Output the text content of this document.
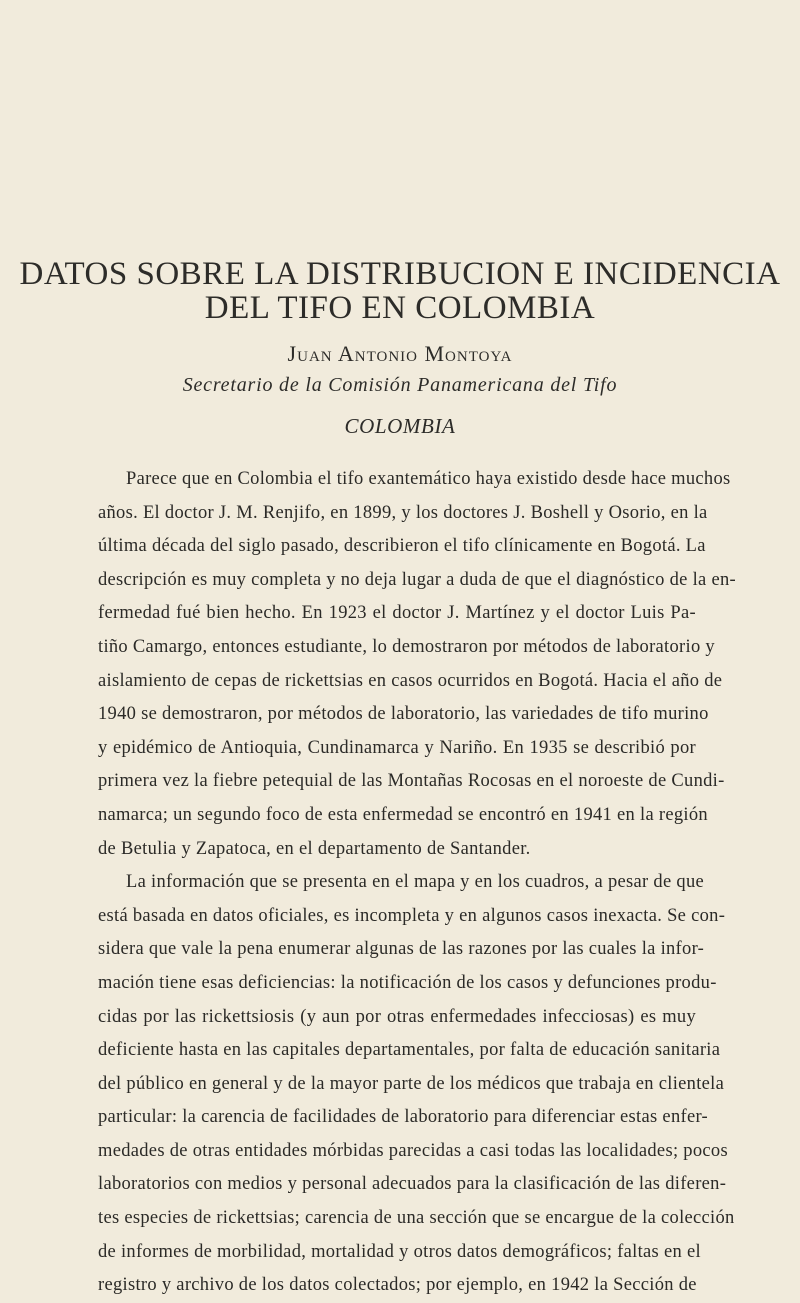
DATOS SOBRE LA DISTRIBUCION E INCIDENCIA
DEL TIFO EN COLOMBIA
Juan Antonio Montoya
Secretario de la Comisión Panamericana del Tifo
COLOMBIA
Parece que en Colombia el tifo exantemático haya existido desde hace muchos
años. El doctor J. M. Renjifo, en 1899, y los doctores J. Boshell y Osorio, en la
última década del siglo pasado, describieron el tifo clínicamente en Bogotá. La
descripción es muy completa y no deja lugar a duda de que el diagnóstico de la en-
fermedad fué bien hecho. En 1923 el doctor J. Martínez y el doctor Luis Pa-
tiño Camargo, entonces estudiante, lo demostraron por métodos de laboratorio y
aislamiento de cepas de rickettsias en casos ocurridos en Bogotá. Hacia el año de
1940 se demostraron, por métodos de laboratorio, las variedades de tifo murino
y epidémico de Antioquia, Cundinamarca y Nariño. En 1935 se describió por
primera vez la fiebre petequial de las Montañas Rocosas en el noroeste de Cundi-
namarca; un segundo foco de esta enfermedad se encontró en 1941 en la región
de Betulia y Zapatoca, en el departamento de Santander.
La información que se presenta en el mapa y en los cuadros, a pesar de que
está basada en datos oficiales, es incompleta y en algunos casos inexacta. Se con-
sidera que vale la pena enumerar algunas de las razones por las cuales la infor-
mación tiene esas deficiencias: la notificación de los casos y defunciones produ-
cidas por las rickettsiosis (y aun por otras enfermedades infecciosas) es muy
deficiente hasta en las capitales departamentales, por falta de educación sanitaria
del público en general y de la mayor parte de los médicos que trabaja en clientela
particular: la carencia de facilidades de laboratorio para diferenciar estas enfer-
medades de otras entidades mórbidas parecidas a casi todas las localidades; pocos
laboratorios con medios y personal adecuados para la clasificación de las diferen-
tes especies de rickettsias; carencia de una sección que se encargue de la colección
de informes de morbilidad, mortalidad y otros datos demográficos; faltas en el
registro y archivo de los datos colectados; por ejemplo, en 1942 la Sección de
